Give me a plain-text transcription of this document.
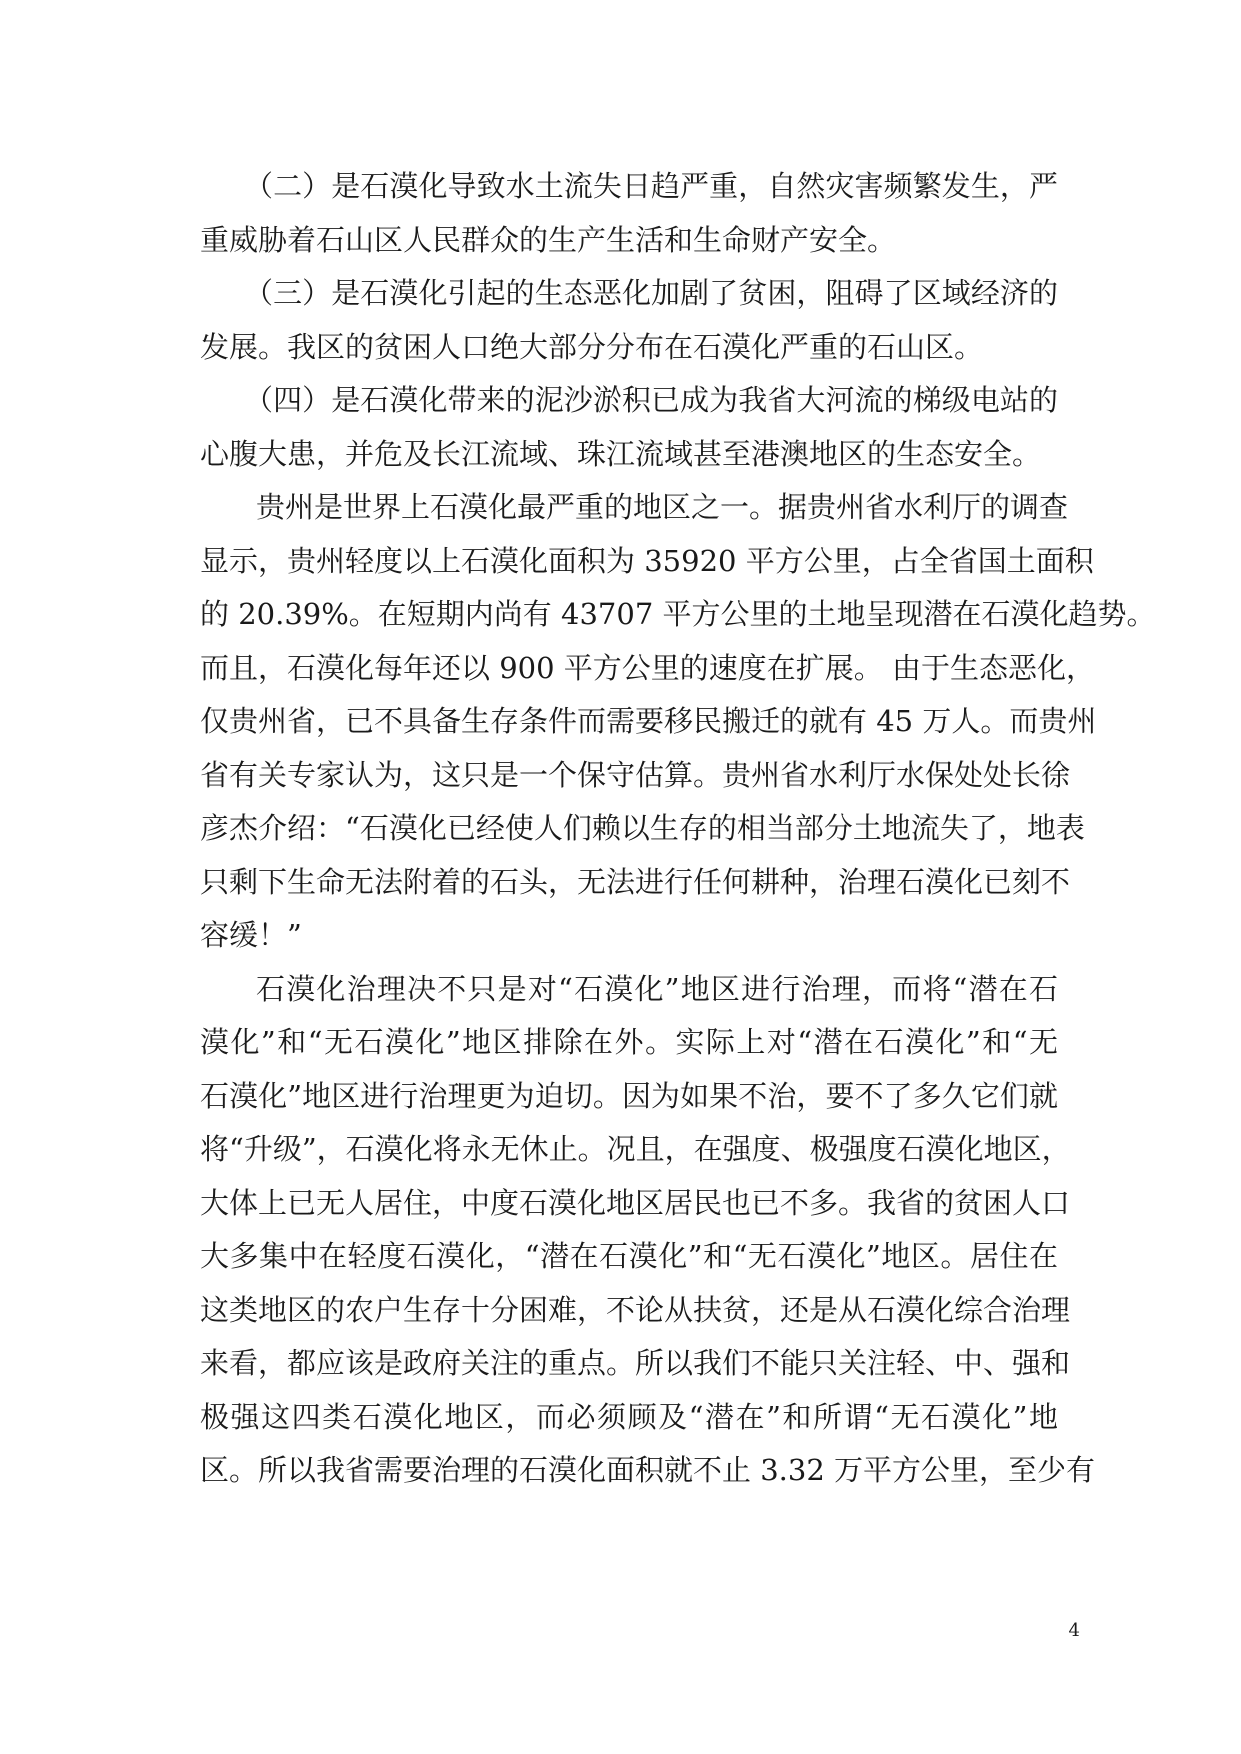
（二）是石漠化导致水土流失日趋严重，自然灾害频繁发生，严
重威胁着石山区人民群众的生产生活和生命财产安全。
（三）是石漠化引起的生态恶化加剧了贫困，阻碍了区域经济的
发展。我区的贫困人口绝大部分分布在石漠化严重的石山区。
（四）是石漠化带来的泥沙淤积已成为我省大河流的梯级电站的
心腹大患，并危及长江流域、珠江流域甚至港澳地区的生态安全。
贵州是世界上石漠化最严重的地区之一。据贵州省水利厅的调查
显示，贵州轻度以上石漠化面积为 35920 平方公里，占全省国土面积
的 20.39%。在短期内尚有 43707 平方公里的土地呈现潜在石漠化趋势。
而且，石漠化每年还以 900 平方公里的速度在扩展。 由于生态恶化，
仅贵州省，已不具备生存条件而需要移民搬迁的就有 45 万人。而贵州
省有关专家认为，这只是一个保守估算。贵州省水利厅水保处处长徐
彦杰介绍：“石漠化已经使人们赖以生存的相当部分土地流失了，地表
只剩下生命无法附着的石头，无法进行任何耕种，治理石漠化已刻不
容缓！”
石漠化治理决不只是对“石漠化”地区进行治理，而将“潜在石
漠化”和“无石漠化”地区排除在外。实际上对“潜在石漠化”和“无
石漠化”地区进行治理更为迫切。因为如果不治，要不了多久它们就
将“升级”，石漠化将永无休止。况且，在强度、极强度石漠化地区，
大体上已无人居住，中度石漠化地区居民也已不多。我省的贫困人口
大多集中在轻度石漠化，“潜在石漠化”和“无石漠化”地区。居住在
这类地区的农户生存十分困难，不论从扶贫，还是从石漠化综合治理
来看，都应该是政府关注的重点。所以我们不能只关注轻、中、强和
极强这四类石漠化地区，而必须顾及“潜在”和所谓“无石漠化”地
区。所以我省需要治理的石漠化面积就不止 3.32 万平方公里，至少有
4
